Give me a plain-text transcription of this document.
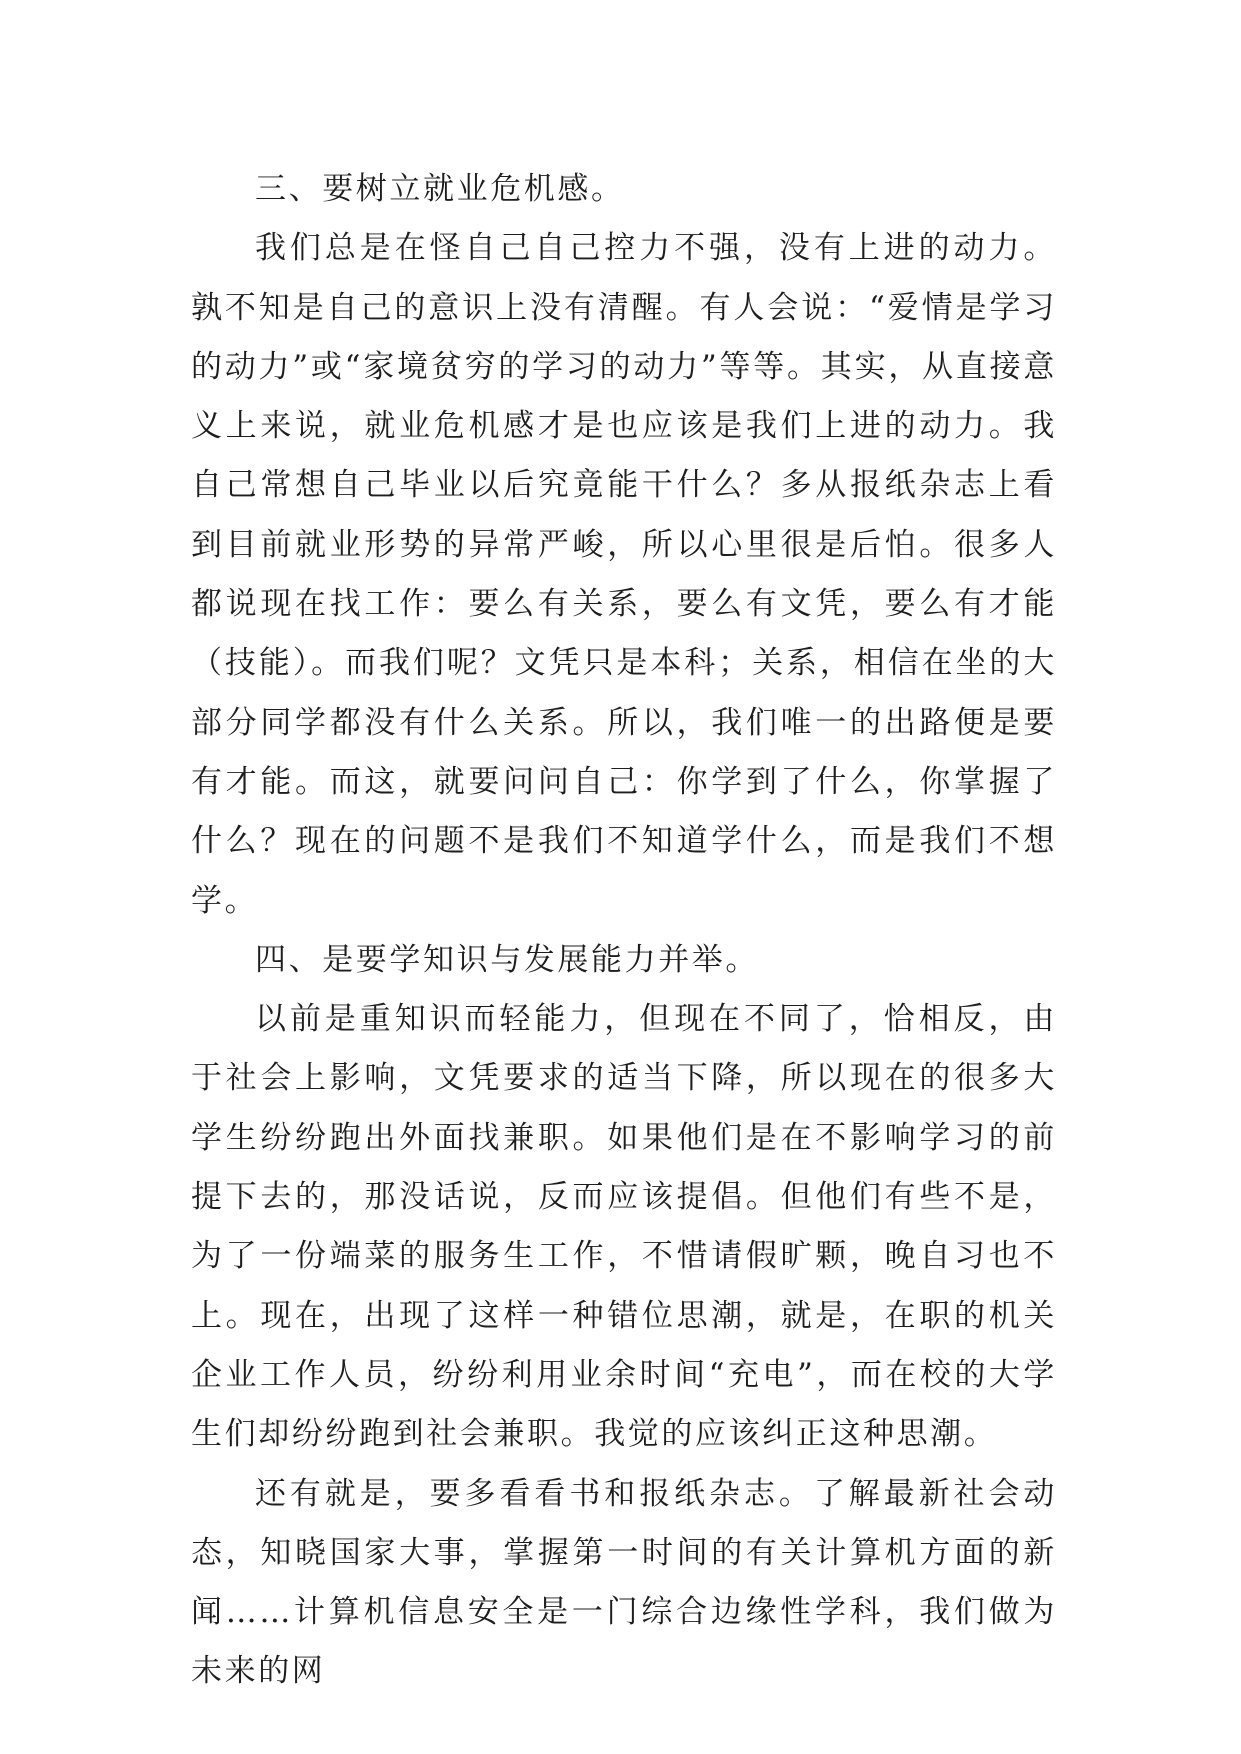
三、要树立就业危机感。

我们总是在怪自己自己控力不强，没有上进的动力。孰不知是自己的意识上没有清醒。有人会说：“爱情是学习的动力”或“家境贫穷的学习的动力”等等。其实，从直接意义上来说，就业危机感才是也应该是我们上进的动力。我自己常想自己毕业以后究竟能干什么？多从报纸杂志上看到目前就业形势的异常严峻，所以心里很是后怕。很多人都说现在找工作：要么有关系，要么有文凭，要么有才能（技能）。而我们呢？文凭只是本科；关系，相信在坐的大部分同学都没有什么关系。所以，我们唯一的出路便是要有才能。而这，就要问问自己：你学到了什么，你掌握了什么？现在的问题不是我们不知道学什么，而是我们不想学。

四、是要学知识与发展能力并举。

以前是重知识而轻能力，但现在不同了，恰相反，由于社会上影响，文凭要求的适当下降，所以现在的很多大学生纷纷跑出外面找兼职。如果他们是在不影响学习的前提下去的，那没话说，反而应该提倡。但他们有些不是，为了一份端菜的服务生工作，不惜请假旷颗，晚自习也不上。现在，出现了这样一种错位思潮，就是，在职的机关企业工作人员，纷纷利用业余时间“充电”，而在校的大学生们却纷纷跑到社会兼职。我觉的应该纠正这种思潮。

还有就是，要多看看书和报纸杂志。了解最新社会动态，知晓国家大事，掌握第一时间的有关计算机方面的新闻……计算机信息安全是一门综合边缘性学科，我们做为未来的网
